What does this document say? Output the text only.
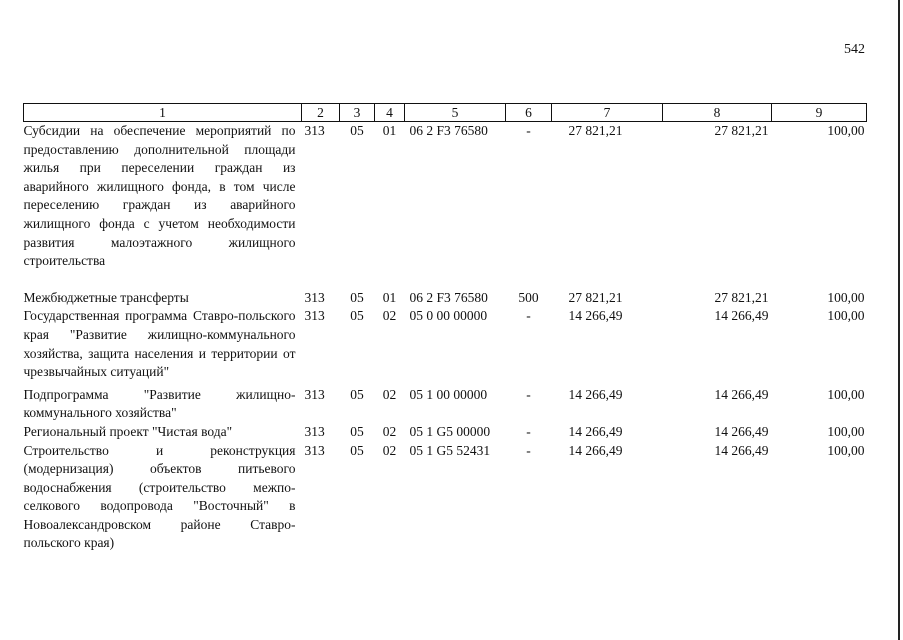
542
1	2	3	4	5	6	7	8	9
Субсидии на обеспечение мероприятий по предоставлению дополнительной площади жилья при переселении граждан из аварийного жилищного фонда, в том числе переселению граждан из аварийного жилищного фонда с учетом необходимости развития малоэтажного жилищного строительства	313	05	01	06 2 F3 76580	-	27 821,21	27 821,21	100,00

Межбюджетные трансферты	313	05	01	06 2 F3 76580	500	27 821,21	27 821,21	100,00
Государственная программа Ставро-польского края "Развитие жилищно-коммунального хозяйства, защита населения и территории от чрезвычайных ситуаций"	313	05	02	05 0 00 00000	-	14 266,49	14 266,49	100,00
Подпрограмма "Развитие жилищно-коммунального хозяйства"	313	05	02	05 1 00 00000	-	14 266,49	14 266,49	100,00
Региональный проект "Чистая вода"	313	05	02	05 1 G5 00000	-	14 266,49	14 266,49	100,00
Строительство и реконструкция (модернизация) объектов питьевого водоснабжения (строительство межпо-селкового водопровода "Восточный" в Новоалександровском районе Ставро-польского края)	313	05	02	05 1 G5 52431	-	14 266,49	14 266,49	100,00
